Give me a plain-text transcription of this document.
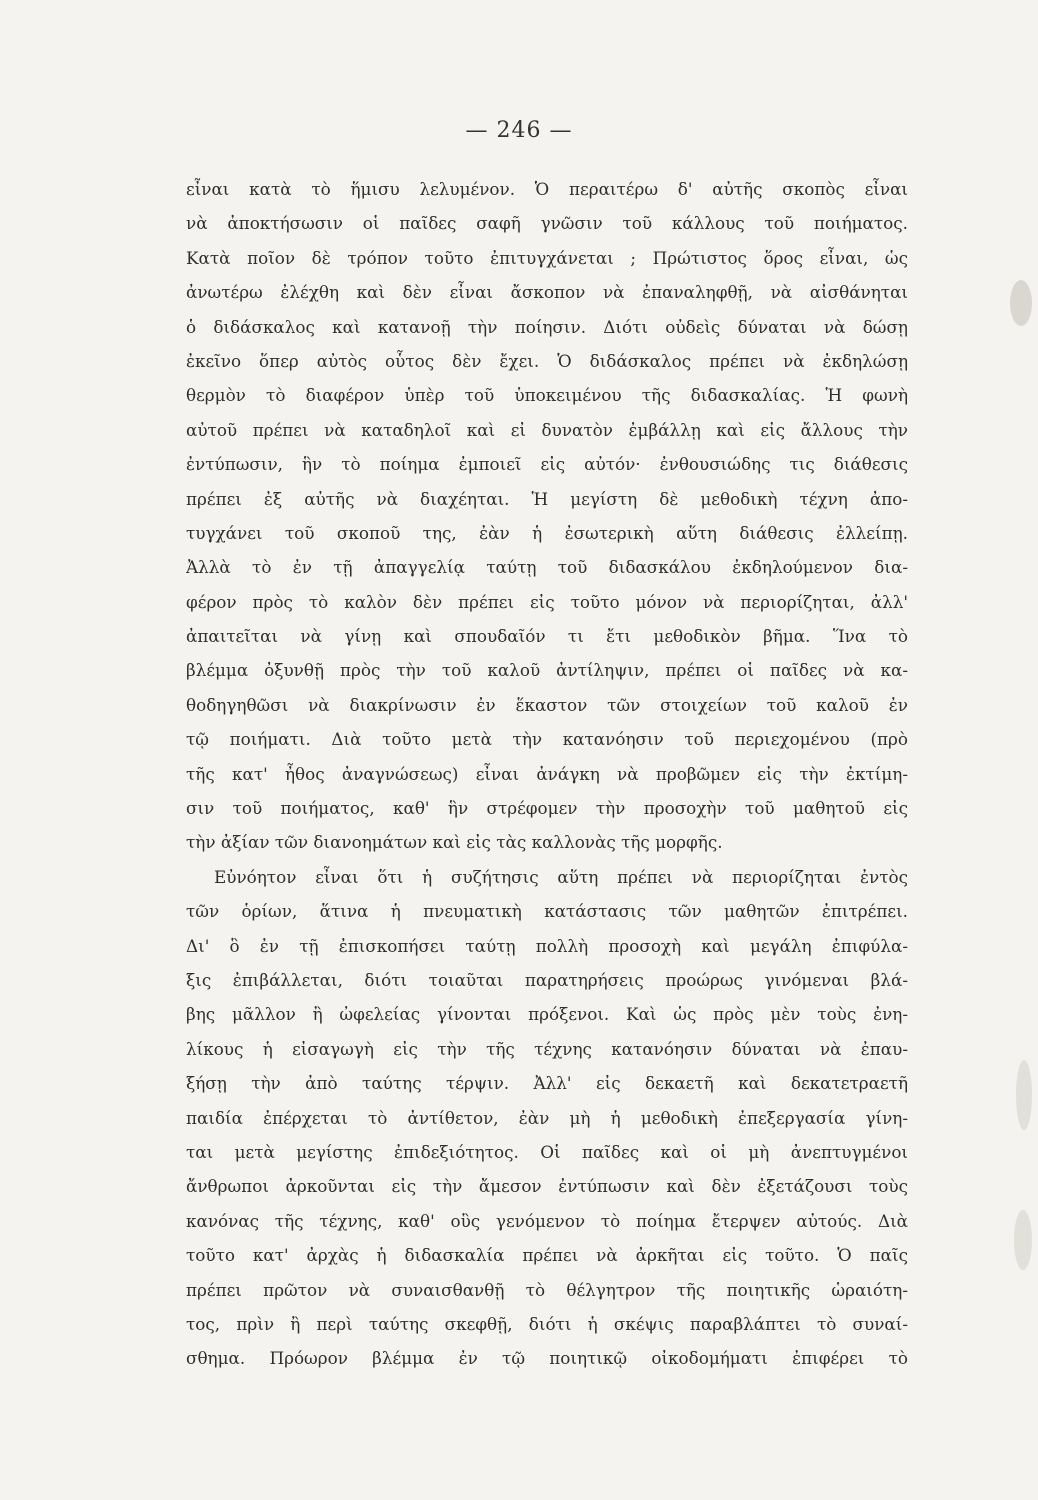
— 246 —
εἶναι κατὰ τὸ ἥμισυ λελυμένον. Ὁ περαιτέρω δ' αὐτῆς σκοπὸς εἶναι
νὰ ἀποκτήσωσιν οἱ παῖδες σαφῆ γνῶσιν τοῦ κάλλους τοῦ ποιήματος.
Κατὰ ποῖον δὲ τρόπον τοῦτο ἐπιτυγχάνεται ; Πρώτιστος ὅρος εἶναι, ὡς
ἀνωτέρω ἐλέχθη καὶ δὲν εἶναι ἄσκοπον νὰ ἐπαναληφθῇ, νὰ αἰσθάνηται
ὁ διδάσκαλος καὶ κατανοῇ τὴν ποίησιν. Διότι οὐδεὶς δύναται νὰ δώσῃ
ἐκεῖνο ὅπερ αὐτὸς οὗτος δὲν ἔχει. Ὁ διδάσκαλος πρέπει νὰ ἐκδηλώσῃ
θερμὸν τὸ διαφέρον ὑπὲρ τοῦ ὑποκειμένου τῆς διδασκαλίας. Ἡ φωνὴ
αὐτοῦ πρέπει νὰ καταδηλοῖ καὶ εἰ δυνατὸν ἐμβάλλῃ καὶ εἰς ἄλλους τὴν
ἐντύπωσιν, ἣν τὸ ποίημα ἐμποιεῖ εἰς αὐτόν· ἐνθουσιώδης τις διάθεσις
πρέπει ἐξ αὐτῆς νὰ διαχέηται. Ἡ μεγίστη δὲ μεθοδικὴ τέχνη ἀπο-
τυγχάνει τοῦ σκοποῦ της, ἐὰν ἡ ἐσωτερικὴ αὕτη διάθεσις ἐλλείπῃ.
Ἀλλὰ τὸ ἐν τῇ ἀπαγγελίᾳ ταύτῃ τοῦ διδασκάλου ἐκδηλούμενον δια-
φέρον πρὸς τὸ καλὸν δὲν πρέπει εἰς τοῦτο μόνον νὰ περιορίζηται, ἀλλ'
ἀπαιτεῖται νὰ γίνῃ καὶ σπουδαῖόν τι ἔτι μεθοδικὸν βῆμα. Ἵνα τὸ
βλέμμα ὀξυνθῇ πρὸς τὴν τοῦ καλοῦ ἀντίληψιν, πρέπει οἱ παῖδες νὰ κα-
θοδηγηθῶσι νὰ διακρίνωσιν ἐν ἕκαστον τῶν στοιχείων τοῦ καλοῦ ἐν
τῷ ποιήματι. Διὰ τοῦτο μετὰ τὴν κατανόησιν τοῦ περιεχομένου (πρὸ
τῆς κατ' ἦθος ἀναγνώσεως) εἶναι ἀνάγκη νὰ προβῶμεν εἰς τὴν ἐκτίμη-
σιν τοῦ ποιήματος, καθ' ἣν στρέφομεν τὴν προσοχὴν τοῦ μαθητοῦ εἰς
τὴν ἀξίαν τῶν διανοημάτων καὶ εἰς τὰς καλλονὰς τῆς μορφῆς.
Εὐνόητον εἶναι ὅτι ἡ συζήτησις αὕτη πρέπει νὰ περιορίζηται ἐντὸς
τῶν ὁρίων, ἅτινα ἡ πνευματικὴ κατάστασις τῶν μαθητῶν ἐπιτρέπει.
Δι' ὃ ἐν τῇ ἐπισκοπήσει ταύτῃ πολλὴ προσοχὴ καὶ μεγάλη ἐπιφύλα-
ξις ἐπιβάλλεται, διότι τοιαῦται παρατηρήσεις προώρως γινόμεναι βλά-
βης μᾶλλον ἢ ὠφελείας γίνονται πρόξενοι. Καὶ ὡς πρὸς μὲν τοὺς ἐνη-
λίκους ἡ εἰσαγωγὴ εἰς τὴν τῆς τέχνης κατανόησιν δύναται νὰ ἐπαυ-
ξήσῃ τὴν ἀπὸ ταύτης τέρψιν. Ἀλλ' εἰς δεκαετῆ καὶ δεκατετραετῆ
παιδία ἐπέρχεται τὸ ἀντίθετον, ἐὰν μὴ ἡ μεθοδικὴ ἐπεξεργασία γίνη-
ται μετὰ μεγίστης ἐπιδεξιότητος. Οἱ παῖδες καὶ οἱ μὴ ἀνεπτυγμένοι
ἄνθρωποι ἀρκοῦνται εἰς τὴν ἄμεσον ἐντύπωσιν καὶ δὲν ἐξετάζουσι τοὺς
κανόνας τῆς τέχνης, καθ' οὓς γενόμενον τὸ ποίημα ἔτερψεν αὐτούς. Διὰ
τοῦτο κατ' ἀρχὰς ἡ διδασκαλία πρέπει νὰ ἀρκῆται εἰς τοῦτο. Ὁ παῖς
πρέπει πρῶτον νὰ συναισθανθῇ τὸ θέλγητρον τῆς ποιητικῆς ὡραιότη-
τος, πρὶν ἢ περὶ ταύτης σκεφθῇ, διότι ἡ σκέψις παραβλάπτει τὸ συναί-
σθημα. Πρόωρον βλέμμα ἐν τῷ ποιητικῷ οἰκοδομήματι ἐπιφέρει τὸ
